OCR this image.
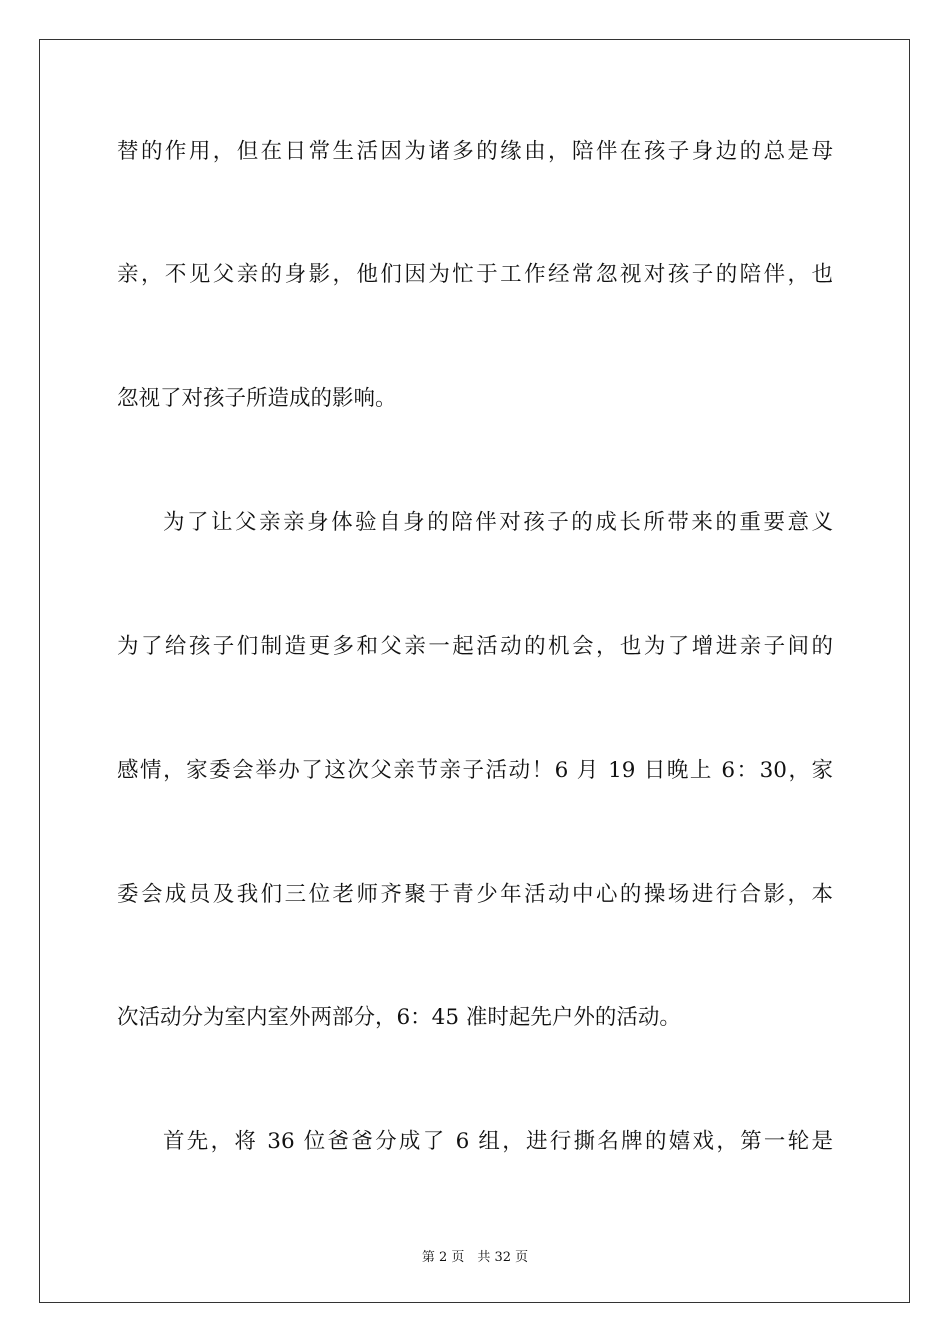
替的作用，但在日常生活因为诸多的缘由，陪伴在孩子身边的总是母
亲，不见父亲的身影，他们因为忙于工作经常忽视对孩子的陪伴，也
忽视了对孩子所造成的影响。
为了让父亲亲身体验自身的陪伴对孩子的成长所带来的重要意义
为了给孩子们制造更多和父亲一起活动的机会，也为了增进亲子间的
感情，家委会举办了这次父亲节亲子活动！6 月 19 日晚上 6：30，家
委会成员及我们三位老师齐聚于青少年活动中心的操场进行合影，本
次活动分为室内室外两部分，6：45 准时起先户外的活动。
首先，将 36 位爸爸分成了 6 组，进行撕名牌的嬉戏，第一轮是
第 2 页　共 32 页
